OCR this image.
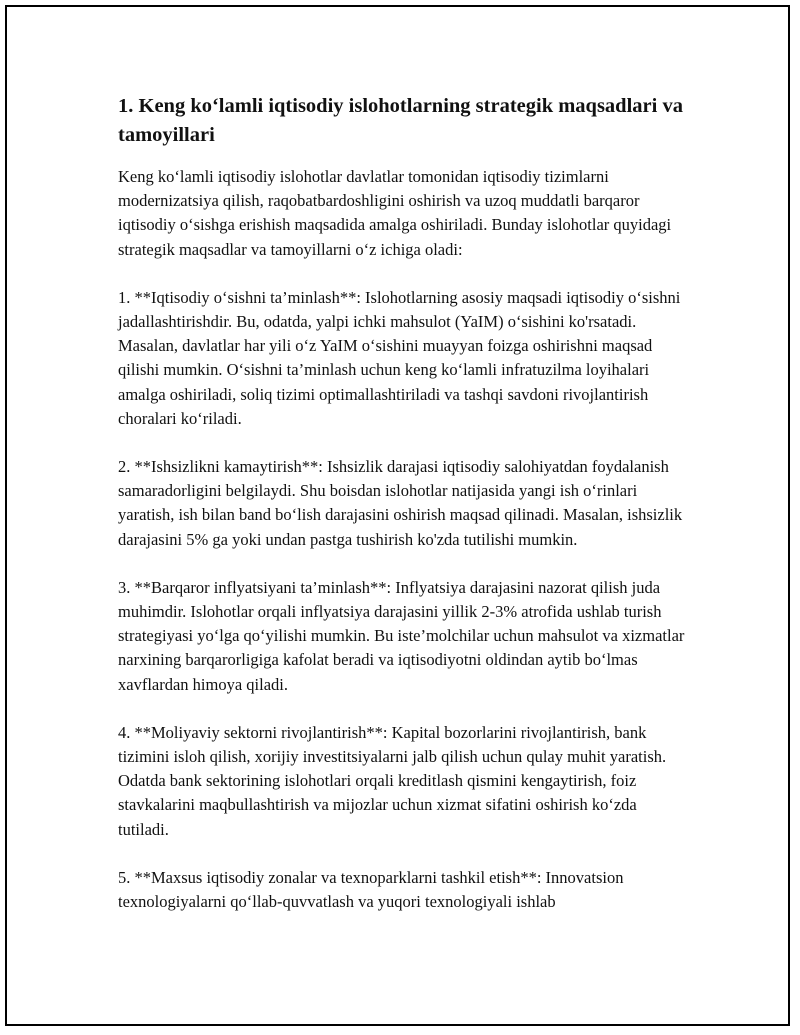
1. Keng ko‘lamli iqtisodiy islohotlarning strategik maqsadlari va tamoyillari

Keng ko‘lamli iqtisodiy islohotlar davlatlar tomonidan iqtisodiy tizimlarni modernizatsiya qilish, raqobatbardoshligini oshirish va uzoq muddatli barqaror iqtisodiy o‘sishga erishish maqsadida amalga oshiriladi. Bunday islohotlar quyidagi strategik maqsadlar va tamoyillarni o‘z ichiga oladi:

1. **Iqtisodiy o‘sishni ta’minlash**: Islohotlarning asosiy maqsadi iqtisodiy o‘sishni jadallashtirishdir. Bu, odatda, yalpi ichki mahsulot (YaIM) o‘sishini ko'rsatadi. Masalan, davlatlar har yili o‘z YaIM o‘sishini muayyan foizga oshirishni maqsad qilishi mumkin. O‘sishni ta’minlash uchun keng ko‘lamli infratuzilma loyihalari amalga oshiriladi, soliq tizimi optimallashtiriladi va tashqi savdoni rivojlantirish choralari ko‘riladi.

2. **Ishsizlikni kamaytirish**: Ishsizlik darajasi iqtisodiy salohiyatdan foydalanish samaradorligini belgilaydi. Shu boisdan islohotlar natijasida yangi ish o‘rinlari yaratish, ish bilan band bo‘lish darajasini oshirish maqsad qilinadi. Masalan, ishsizlik darajasini 5% ga yoki undan pastga tushirish ko'zda tutilishi mumkin.

3. **Barqaror inflyatsiyani ta’minlash**: Inflyatsiya darajasini nazorat qilish juda muhimdir. Islohotlar orqali inflyatsiya darajasini yillik 2-3% atrofida ushlab turish strategiyasi yo‘lga qo‘yilishi mumkin. Bu iste’molchilar uchun mahsulot va xizmatlar narxining barqarorligiga kafolat beradi va iqtisodiyotni oldindan aytib bo‘lmas xavflardan himoya qiladi.

4. **Moliyaviy sektorni rivojlantirish**: Kapital bozorlarini rivojlantirish, bank tizimini isloh qilish, xorijiy investitsiyalarni jalb qilish uchun qulay muhit yaratish. Odatda bank sektorining islohotlari orqali kreditlash qismini kengaytirish, foiz stavkalarini maqbullashtirish va mijozlar uchun xizmat sifatini oshirish ko‘zda tutiladi.

5. **Maxsus iqtisodiy zonalar va texnoparklarni tashkil etish**: Innovatsion texnologiyalarni qo‘llab-quvvatlash va yuqori texnologiyali ishlab
